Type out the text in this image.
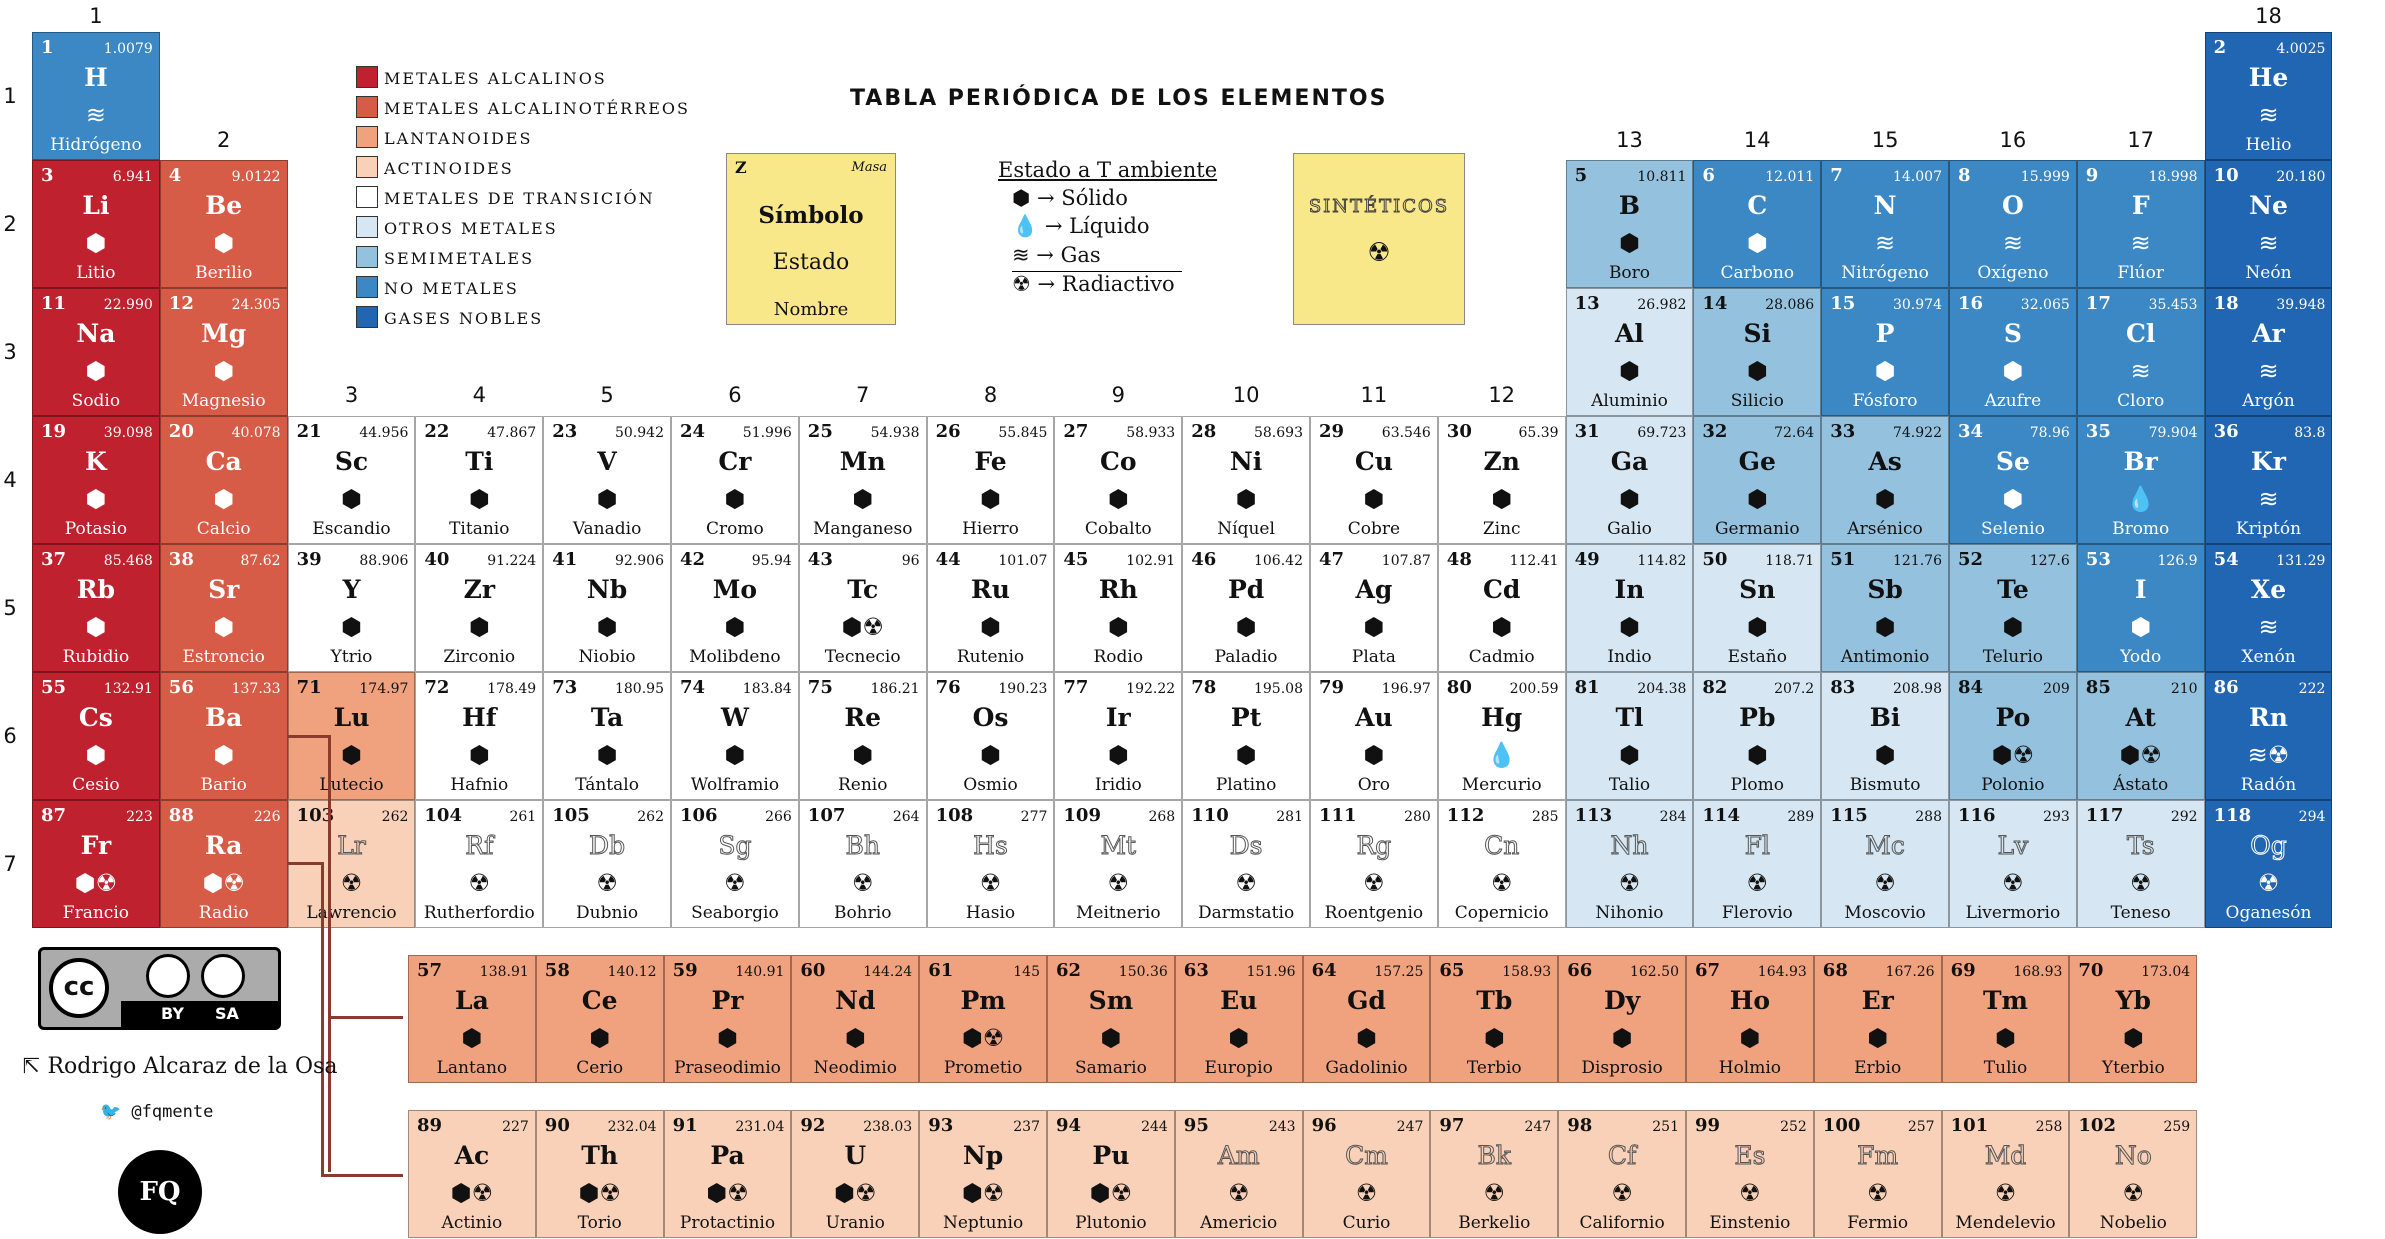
TABLA PERIÓDICA DE LOS ELEMENTOS
METALES ALCALINOS
METALES ALCALINOTÉRREOS
LANTANOIDES
ACTINOIDES
METALES DE TRANSICIÓN
OTROS METALES
SEMIMETALES
NO METALES
GASES NOBLES
Z	Masa
Símbolo
Estado
Nombre
Estado a T ambiente
⬢ → Sólido
💧 → Líquido
≋ → Gas
☢ → Radiactivo
SINTÉTICOS
☢
1
2
3	4	5	6	7	8	9	10	11	12
13	14	15	16	17
18
1
2
3
4
5
6
7
1	1.0079
H
≋
Hidrógeno
2	4.0025
He
≋
Helio
3	6.941
Li
⬢
Litio
4	9.0122
Be
⬢
Berilio
5	10.811
B
⬢
Boro
6	12.011
C
⬢
Carbono
7	14.007
N
≋
Nitrógeno
8	15.999
O
≋
Oxígeno
9	18.998
F
≋
Flúor
10	20.180
Ne
≋
Neón
11	22.990
Na
⬢
Sodio
12	24.305
Mg
⬢
Magnesio
13	26.982
Al
⬢
Aluminio
14	28.086
Si
⬢
Silicio
15	30.974
P
⬢
Fósforo
16	32.065
S
⬢
Azufre
17	35.453
Cl
≋
Cloro
18	39.948
Ar
≋
Argón
19	39.098
K
⬢
Potasio
20	40.078
Ca
⬢
Calcio
21	44.956
Sc
⬢
Escandio
22	47.867
Ti
⬢
Titanio
23	50.942
V
⬢
Vanadio
24	51.996
Cr
⬢
Cromo
25	54.938
Mn
⬢
Manganeso
26	55.845
Fe
⬢
Hierro
27	58.933
Co
⬢
Cobalto
28	58.693
Ni
⬢
Níquel
29	63.546
Cu
⬢
Cobre
30	65.39
Zn
⬢
Zinc
31	69.723
Ga
⬢
Galio
32	72.64
Ge
⬢
Germanio
33	74.922
As
⬢
Arsénico
34	78.96
Se
⬢
Selenio
35	79.904
Br
💧
Bromo
36	83.8
Kr
≋
Kriptón
37	85.468
Rb
⬢
Rubidio
38	87.62
Sr
⬢
Estroncio
39	88.906
Y
⬢
Ytrio
40	91.224
Zr
⬢
Zirconio
41	92.906
Nb
⬢
Niobio
42	95.94
Mo
⬢
Molibdeno
43	96
Tc
⬢☢
Tecnecio
44	101.07
Ru
⬢
Rutenio
45	102.91
Rh
⬢
Rodio
46	106.42
Pd
⬢
Paladio
47	107.87
Ag
⬢
Plata
48	112.41
Cd
⬢
Cadmio
49	114.82
In
⬢
Indio
50	118.71
Sn
⬢
Estaño
51	121.76
Sb
⬢
Antimonio
52	127.6
Te
⬢
Telurio
53	126.9
I
⬢
Yodo
54	131.29
Xe
≋
Xenón
55	132.91
Cs
⬢
Cesio
56	137.33
Ba
⬢
Bario
71	174.97
Lu
⬢
Lutecio
72	178.49
Hf
⬢
Hafnio
73	180.95
Ta
⬢
Tántalo
74	183.84
W
⬢
Wolframio
75	186.21
Re
⬢
Renio
76	190.23
Os
⬢
Osmio
77	192.22
Ir
⬢
Iridio
78	195.08
Pt
⬢
Platino
79	196.97
Au
⬢
Oro
80	200.59
Hg
💧
Mercurio
81	204.38
Tl
⬢
Talio
82	207.2
Pb
⬢
Plomo
83	208.98
Bi
⬢
Bismuto
84	209
Po
⬢☢
Polonio
85	210
At
⬢☢
Ástato
86	222
Rn
≋☢
Radón
87	223
Fr
⬢☢
Francio
88	226
Ra
⬢☢
Radio
103	262
Lr
☢
Lawrencio
104	261
Rf
☢
Rutherfordio
105	262
Db
☢
Dubnio
106	266
Sg
☢
Seaborgio
107	264
Bh
☢
Bohrio
108	277
Hs
☢
Hasio
109	268
Mt
☢
Meitnerio
110	281
Ds
☢
Darmstatio
111	280
Rg
☢
Roentgenio
112	285
Cn
☢
Copernicio
113	284
Nh
☢
Nihonio
114	289
Fl
☢
Flerovio
115	288
Mc
☢
Moscovio
116	293
Lv
☢
Livermorio
117	292
Ts
☢
Teneso
118	294
Og
☢
Oganesón
57	138.91
La
⬢
Lantano
58	140.12
Ce
⬢
Cerio
59	140.91
Pr
⬢
Praseodimio
60	144.24
Nd
⬢
Neodimio
61	145
Pm
⬢☢
Prometio
62	150.36
Sm
⬢
Samario
63	151.96
Eu
⬢
Europio
64	157.25
Gd
⬢
Gadolinio
65	158.93
Tb
⬢
Terbio
66	162.50
Dy
⬢
Disprosio
67	164.93
Ho
⬢
Holmio
68	167.26
Er
⬢
Erbio
69	168.93
Tm
⬢
Tulio
70	173.04
Yb
⬢
Yterbio
89	227
Ac
⬢☢
Actinio
90	232.04
Th
⬢☢
Torio
91	231.04
Pa
⬢☢
Protactinio
92	238.03
U
⬢☢
Uranio
93	237
Np
⬢☢
Neptunio
94	244
Pu
⬢☢
Plutonio
95	243
Am
☢
Americio
96	247
Cm
☢
Curio
97	247
Bk
☢
Berkelio
98	251
Cf
☢
Californio
99	252
Es
☢
Einstenio
100	257
Fm
☢
Fermio
101	258
Md
☢
Mendelevio
102	259
No
☢
Nobelio
cc
BY SA
⇱ Rodrigo Alcaraz de la Osa
🐦 @fqmente
FQ
